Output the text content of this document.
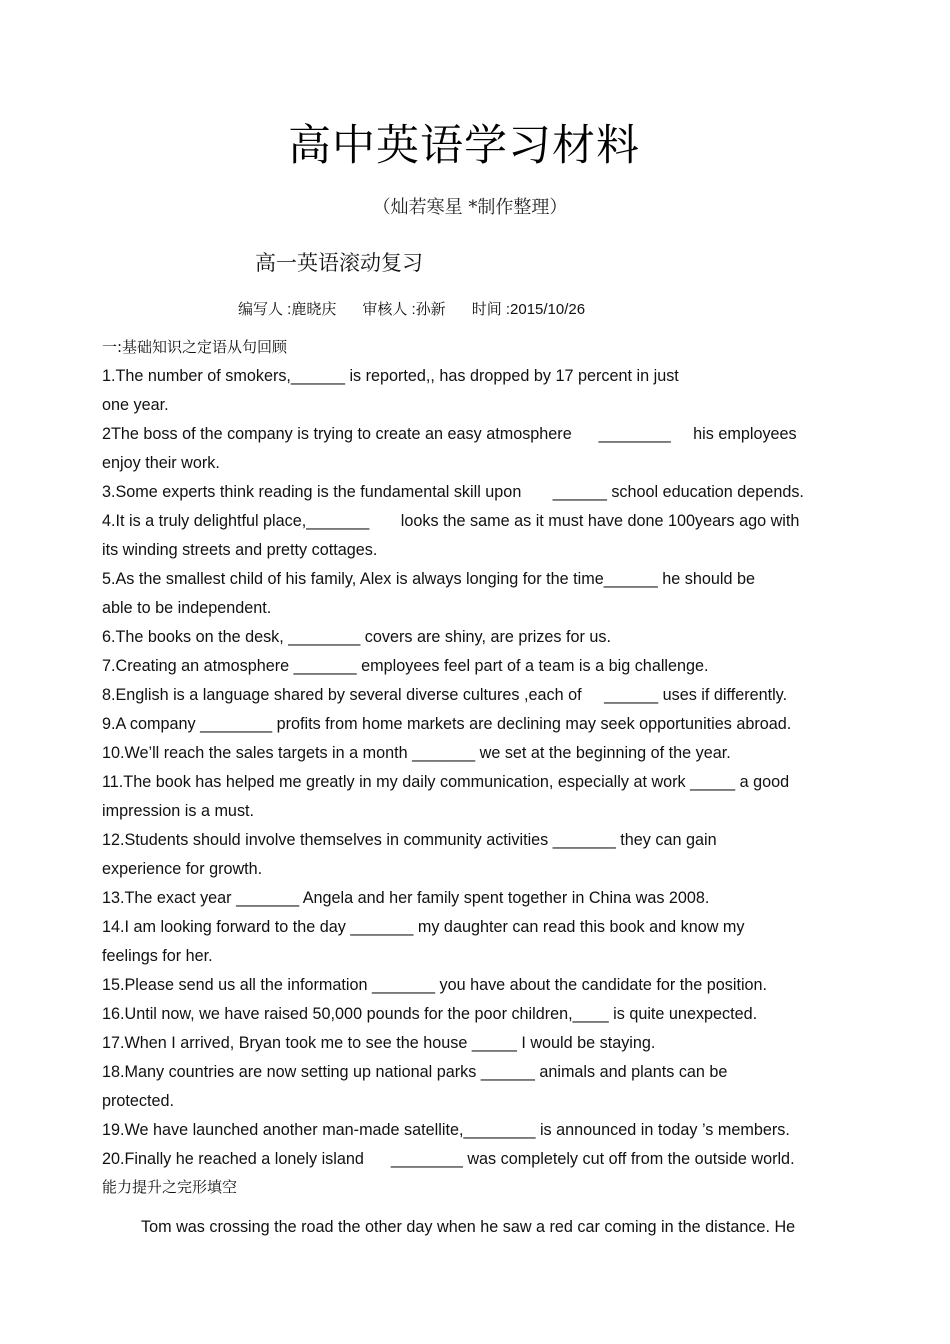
高中英语学习材料
（灿若寒星 *制作整理）
高一英语滚动复习
编写人 :鹿晓庆 审核人 :孙新 时间 :2015/10/26
一:基础知识之定语从句回顾
1.The number of smokers,______ is reported,, has dropped by 17 percent in just
one year.
2The boss of the company is trying to create an easy atmosphere      ________     his employees
enjoy their work.
3.Some experts think reading is the fundamental skill upon       ______ school education depends.
4.It is a truly delightful place,_______       looks the same as it must have done 100years ago with
its winding streets and pretty cottages.
5.As the smallest child of his family, Alex is always longing for the time______ he should be
able to be independent.
6.The books on the desk, ________ covers are shiny, are prizes for us.
7.Creating an atmosphere _______ employees feel part of a team is a big challenge.
8.English is a language shared by several diverse cultures ,each of     ______ uses if differently.
9.A company ________ profits from home markets are declining may seek opportunities abroad.
10.We’ll reach the sales targets in a month _______ we set at the beginning of the year.
11.The book has helped me greatly in my daily communication, especially at work _____ a good
impression is a must.
12.Students should involve themselves in community activities _______ they can gain
experience for growth.
13.The exact year _______ Angela and her family spent together in China was 2008.
14.I am looking forward to the day _______ my daughter can read this book and know my
feelings for her.
15.Please send us all the information _______ you have about the candidate for the position.
16.Until now, we have raised 50,000 pounds for the poor children,____ is quite unexpected.
17.When I arrived, Bryan took me to see the house _____ I would be staying.
18.Many countries are now setting up national parks ______ animals and plants can be
protected.
19.We have launched another man-made satellite,________ is announced in today ’s members.
20.Finally he reached a lonely island      ________ was completely cut off from the outside world.
能力提升之完形填空
Tom was crossing the road the other day when he saw a red car coming in the distance. He
